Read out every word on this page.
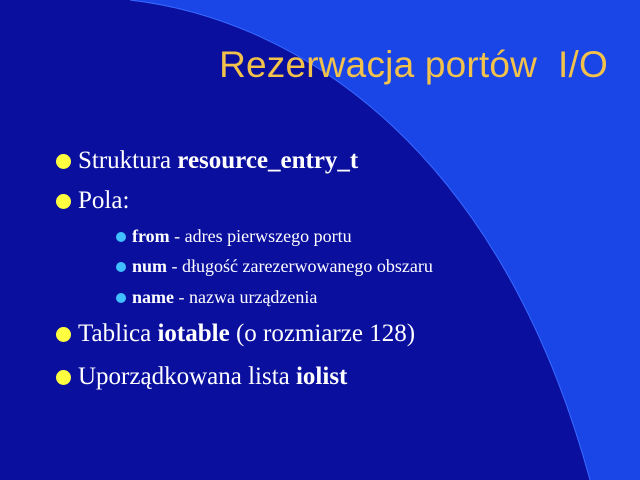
Rezerwacja portów  I/O
Struktura resource_entry_t
Pola:
from - adres pierwszego portu
num - długość zarezerwowanego obszaru
name - nazwa urządzenia
Tablica iotable (o rozmiarze 128)
Uporządkowana lista iolist
